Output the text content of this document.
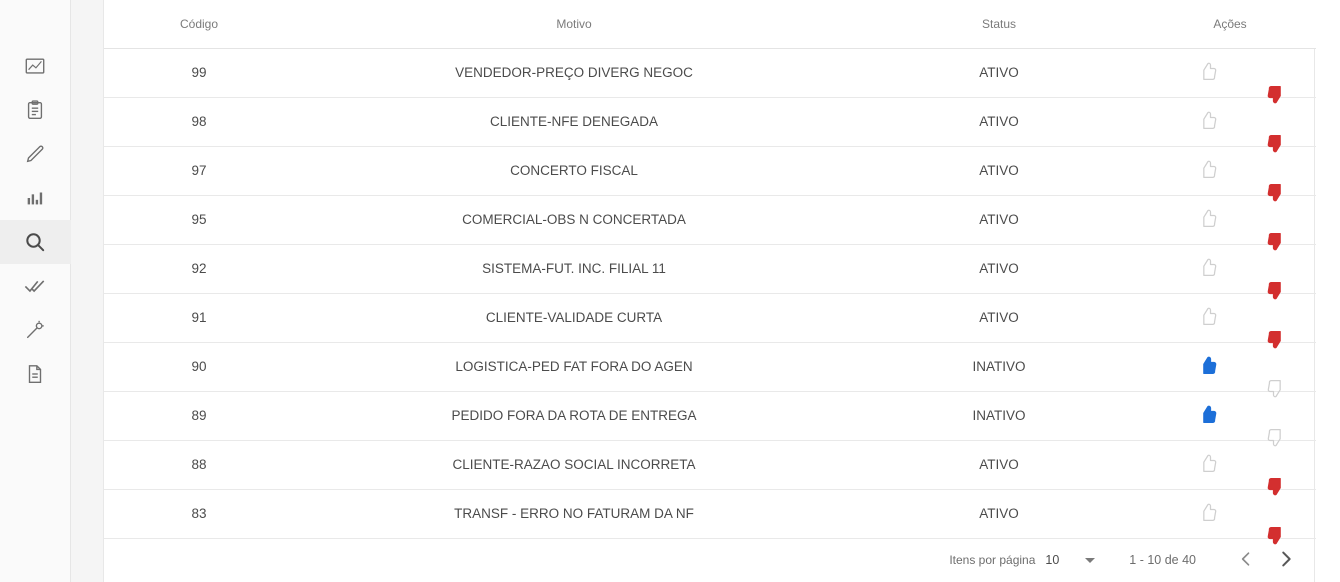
Código	Motivo	Status	Ações
99	VENDEDOR-PREÇO DIVERG NEGOC	ATIVO	

98	CLIENTE-NFE DENEGADA	ATIVO	

97	CONCERTO FISCAL	ATIVO	

95	COMERCIAL-OBS N CONCERTADA	ATIVO	

92	SISTEMA-FUT. INC. FILIAL 11	ATIVO	

91	CLIENTE-VALIDADE CURTA	ATIVO	

90	LOGISTICA-PED FAT FORA DO AGEN	INATIVO	

89	PEDIDO FORA DA ROTA DE ENTREGA	INATIVO	

88	CLIENTE-RAZAO SOCIAL INCORRETA	ATIVO	

83	TRANSF - ERRO NO FATURAM DA NF	ATIVO	
Itens por página 10	1 - 10 de 40
